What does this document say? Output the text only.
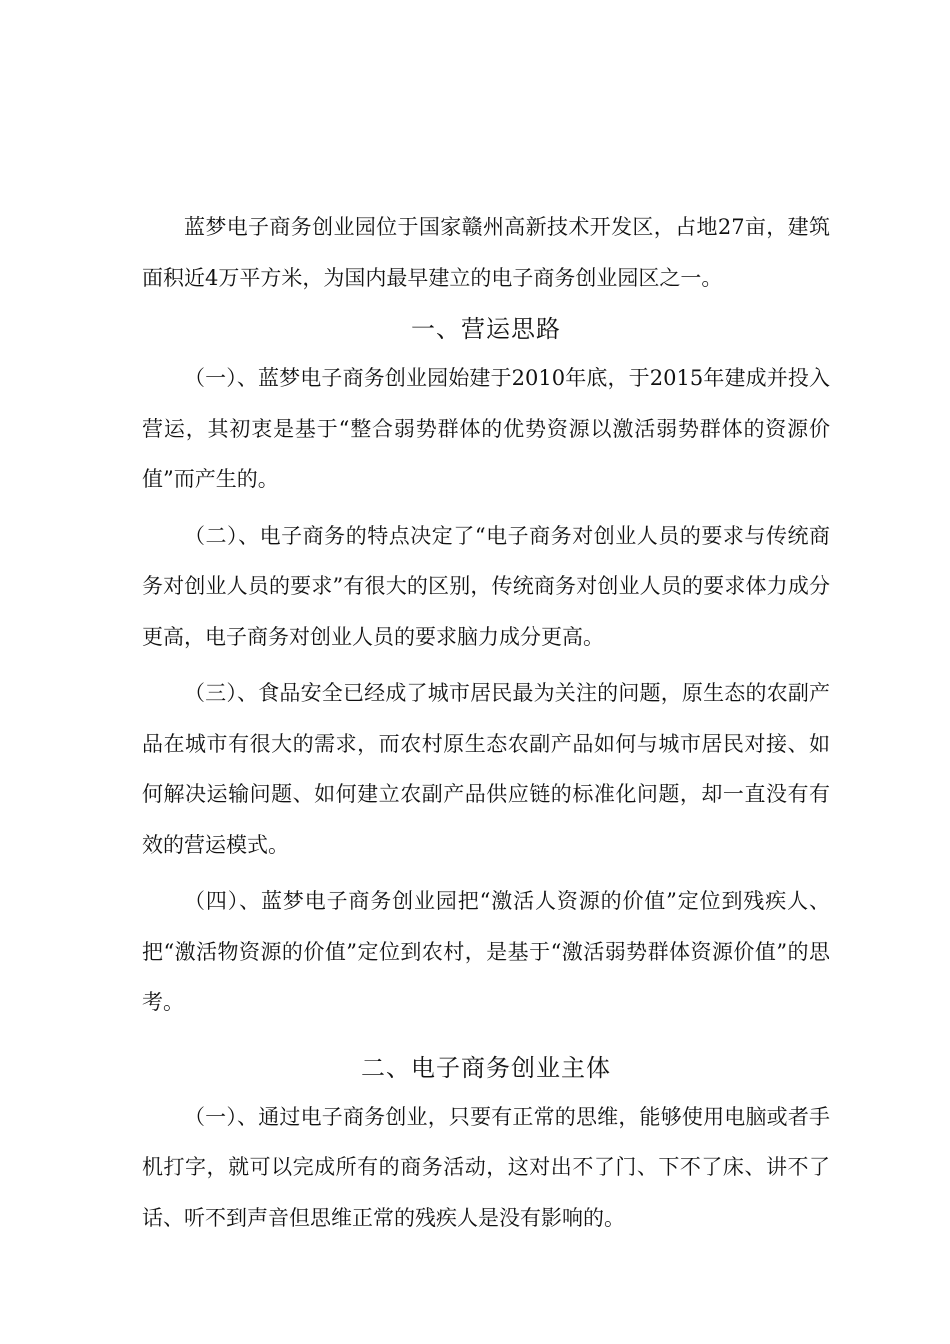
蓝梦电子商务创业园位于国家赣州高新技术开发区，占地27亩，建筑面积近4万平方米，为国内最早建立的电子商务创业园区之一。

一、营运思路

（一）、蓝梦电子商务创业园始建于2010年底，于2015年建成并投入营运，其初衷是基于“整合弱势群体的优势资源以激活弱势群体的资源价值”而产生的。

（二）、电子商务的特点决定了“电子商务对创业人员的要求与传统商务对创业人员的要求”有很大的区别，传统商务对创业人员的要求体力成分更高，电子商务对创业人员的要求脑力成分更高。

（三）、食品安全已经成了城市居民最为关注的问题，原生态的农副产品在城市有很大的需求，而农村原生态农副产品如何与城市居民对接、如何解决运输问题、如何建立农副产品供应链的标准化问题，却一直没有有效的营运模式。

（四）、蓝梦电子商务创业园把“激活人资源的价值”定位到残疾人、把“激活物资源的价值”定位到农村，是基于“激活弱势群体资源价值”的思考。

二、电子商务创业主体

（一）、通过电子商务创业，只要有正常的思维，能够使用电脑或者手机打字，就可以完成所有的商务活动，这对出不了门、下不了床、讲不了话、听不到声音但思维正常的残疾人是没有影响的。
